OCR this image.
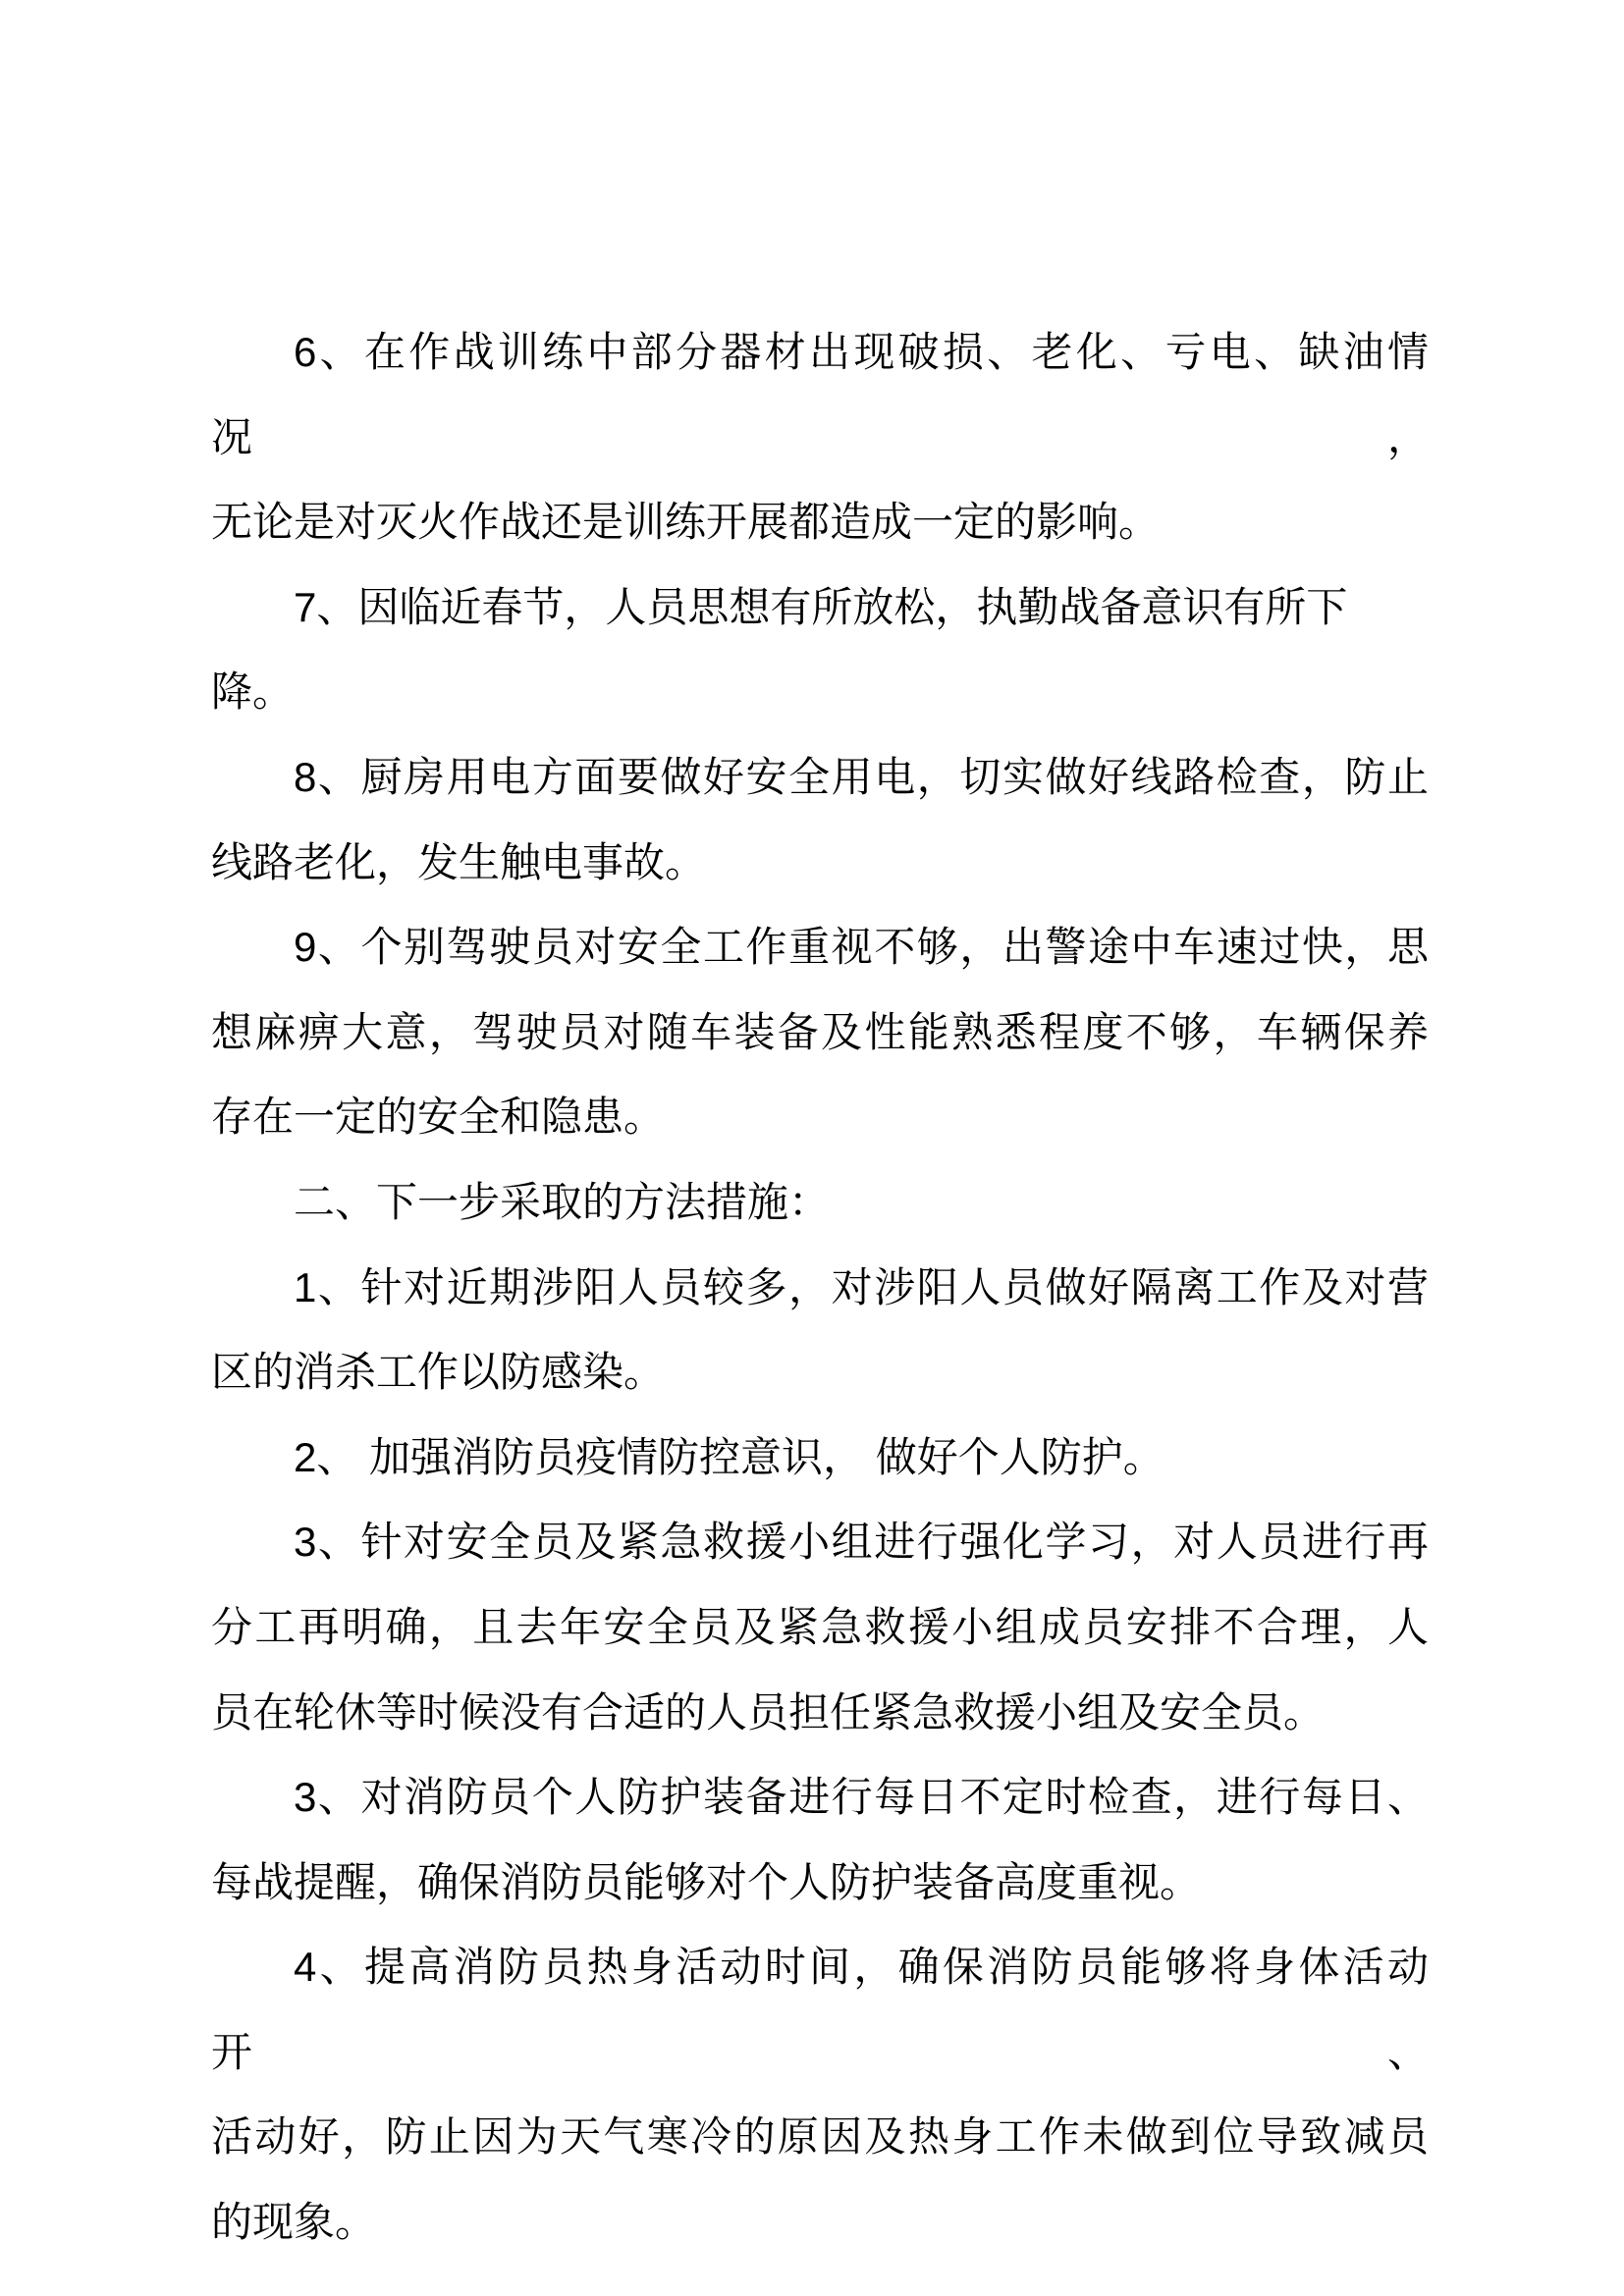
6、在作战训练中部分器材出现破损、老化、亏电、缺油情况，
无论是对灭火作战还是训练开展都造成一定的影响。
7、因临近春节，人员思想有所放松，执勤战备意识有所下降。
8、厨房用电方面要做好安全用电，切实做好线路检查，防止
线路老化，发生触电事故。
9、个别驾驶员对安全工作重视不够，出警途中车速过快，思
想麻痹大意，驾驶员对随车装备及性能熟悉程度不够，车辆保养
存在一定的安全和隐患。
二、下一步采取的方法措施：
1、针对近期涉阳人员较多，对涉阳人员做好隔离工作及对营
区的消杀工作以防感染。
2、 加强消防员疫情防控意识， 做好个人防护。
3、针对安全员及紧急救援小组进行强化学习，对人员进行再
分工再明确，且去年安全员及紧急救援小组成员安排不合理，人
员在轮休等时候没有合适的人员担任紧急救援小组及安全员。
3、对消防员个人防护装备进行每日不定时检查，进行每日、
每战提醒，确保消防员能够对个人防护装备高度重视。
4、提高消防员热身活动时间，确保消防员能够将身体活动开、
活动好，防止因为天气寒冷的原因及热身工作未做到位导致减员
的现象。
